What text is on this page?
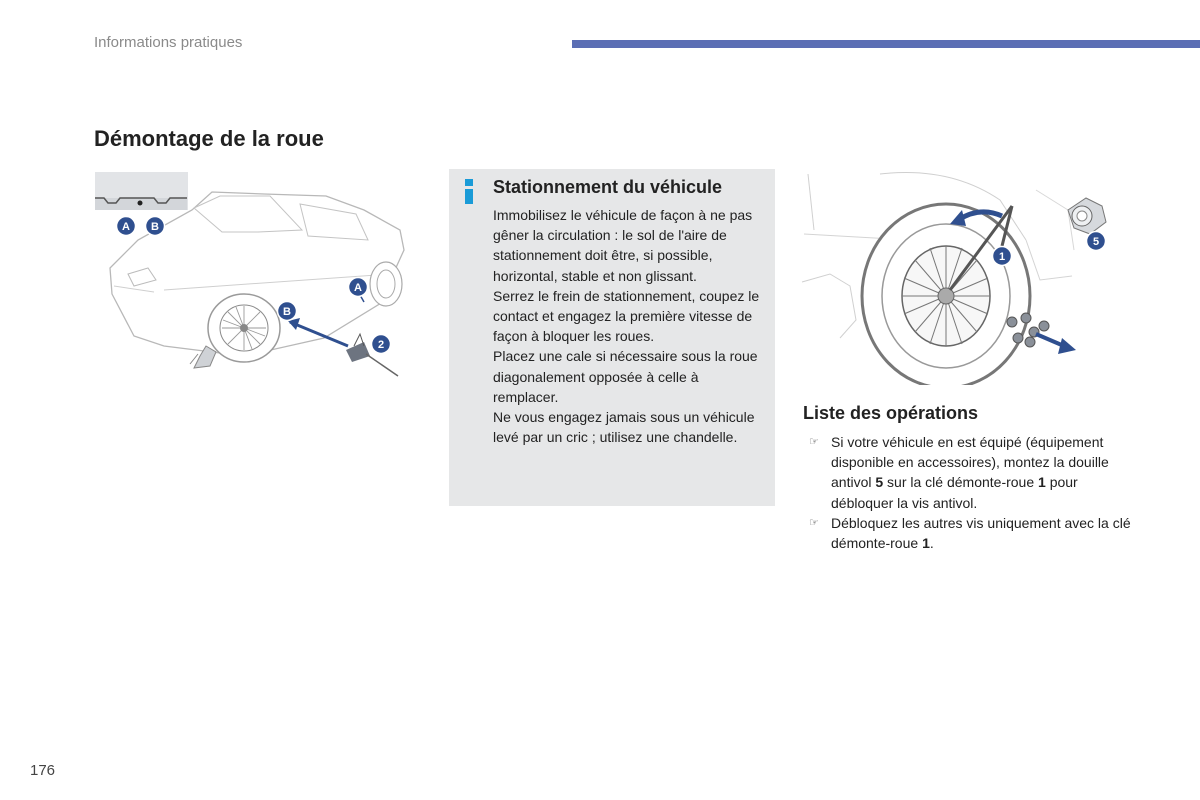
Informations pratiques
Démontage de la roue
A B
B
A
2
Stationnement du véhicule

Immobilisez le véhicule de façon à ne pas gêner la circulation : le sol de l'aire de stationnement doit être, si possible, horizontal, stable et non glissant.

Serrez le frein de stationnement, coupez le contact et engagez la première vitesse de façon à bloquer les roues.

Placez une cale si nécessaire sous la roue diagonalement opposée à celle à remplacer.

Ne vous engagez jamais sous un véhicule levé par un cric ; utilisez une chandelle.

1
5
Liste des opérations
☞ Si votre véhicule en est équipé (équipement disponible en accessoires), montez la douille antivol 5 sur la clé démonte-roue 1 pour débloquer la vis antivol.
☞ Débloquez les autres vis uniquement avec la clé démonte-roue 1.
176
